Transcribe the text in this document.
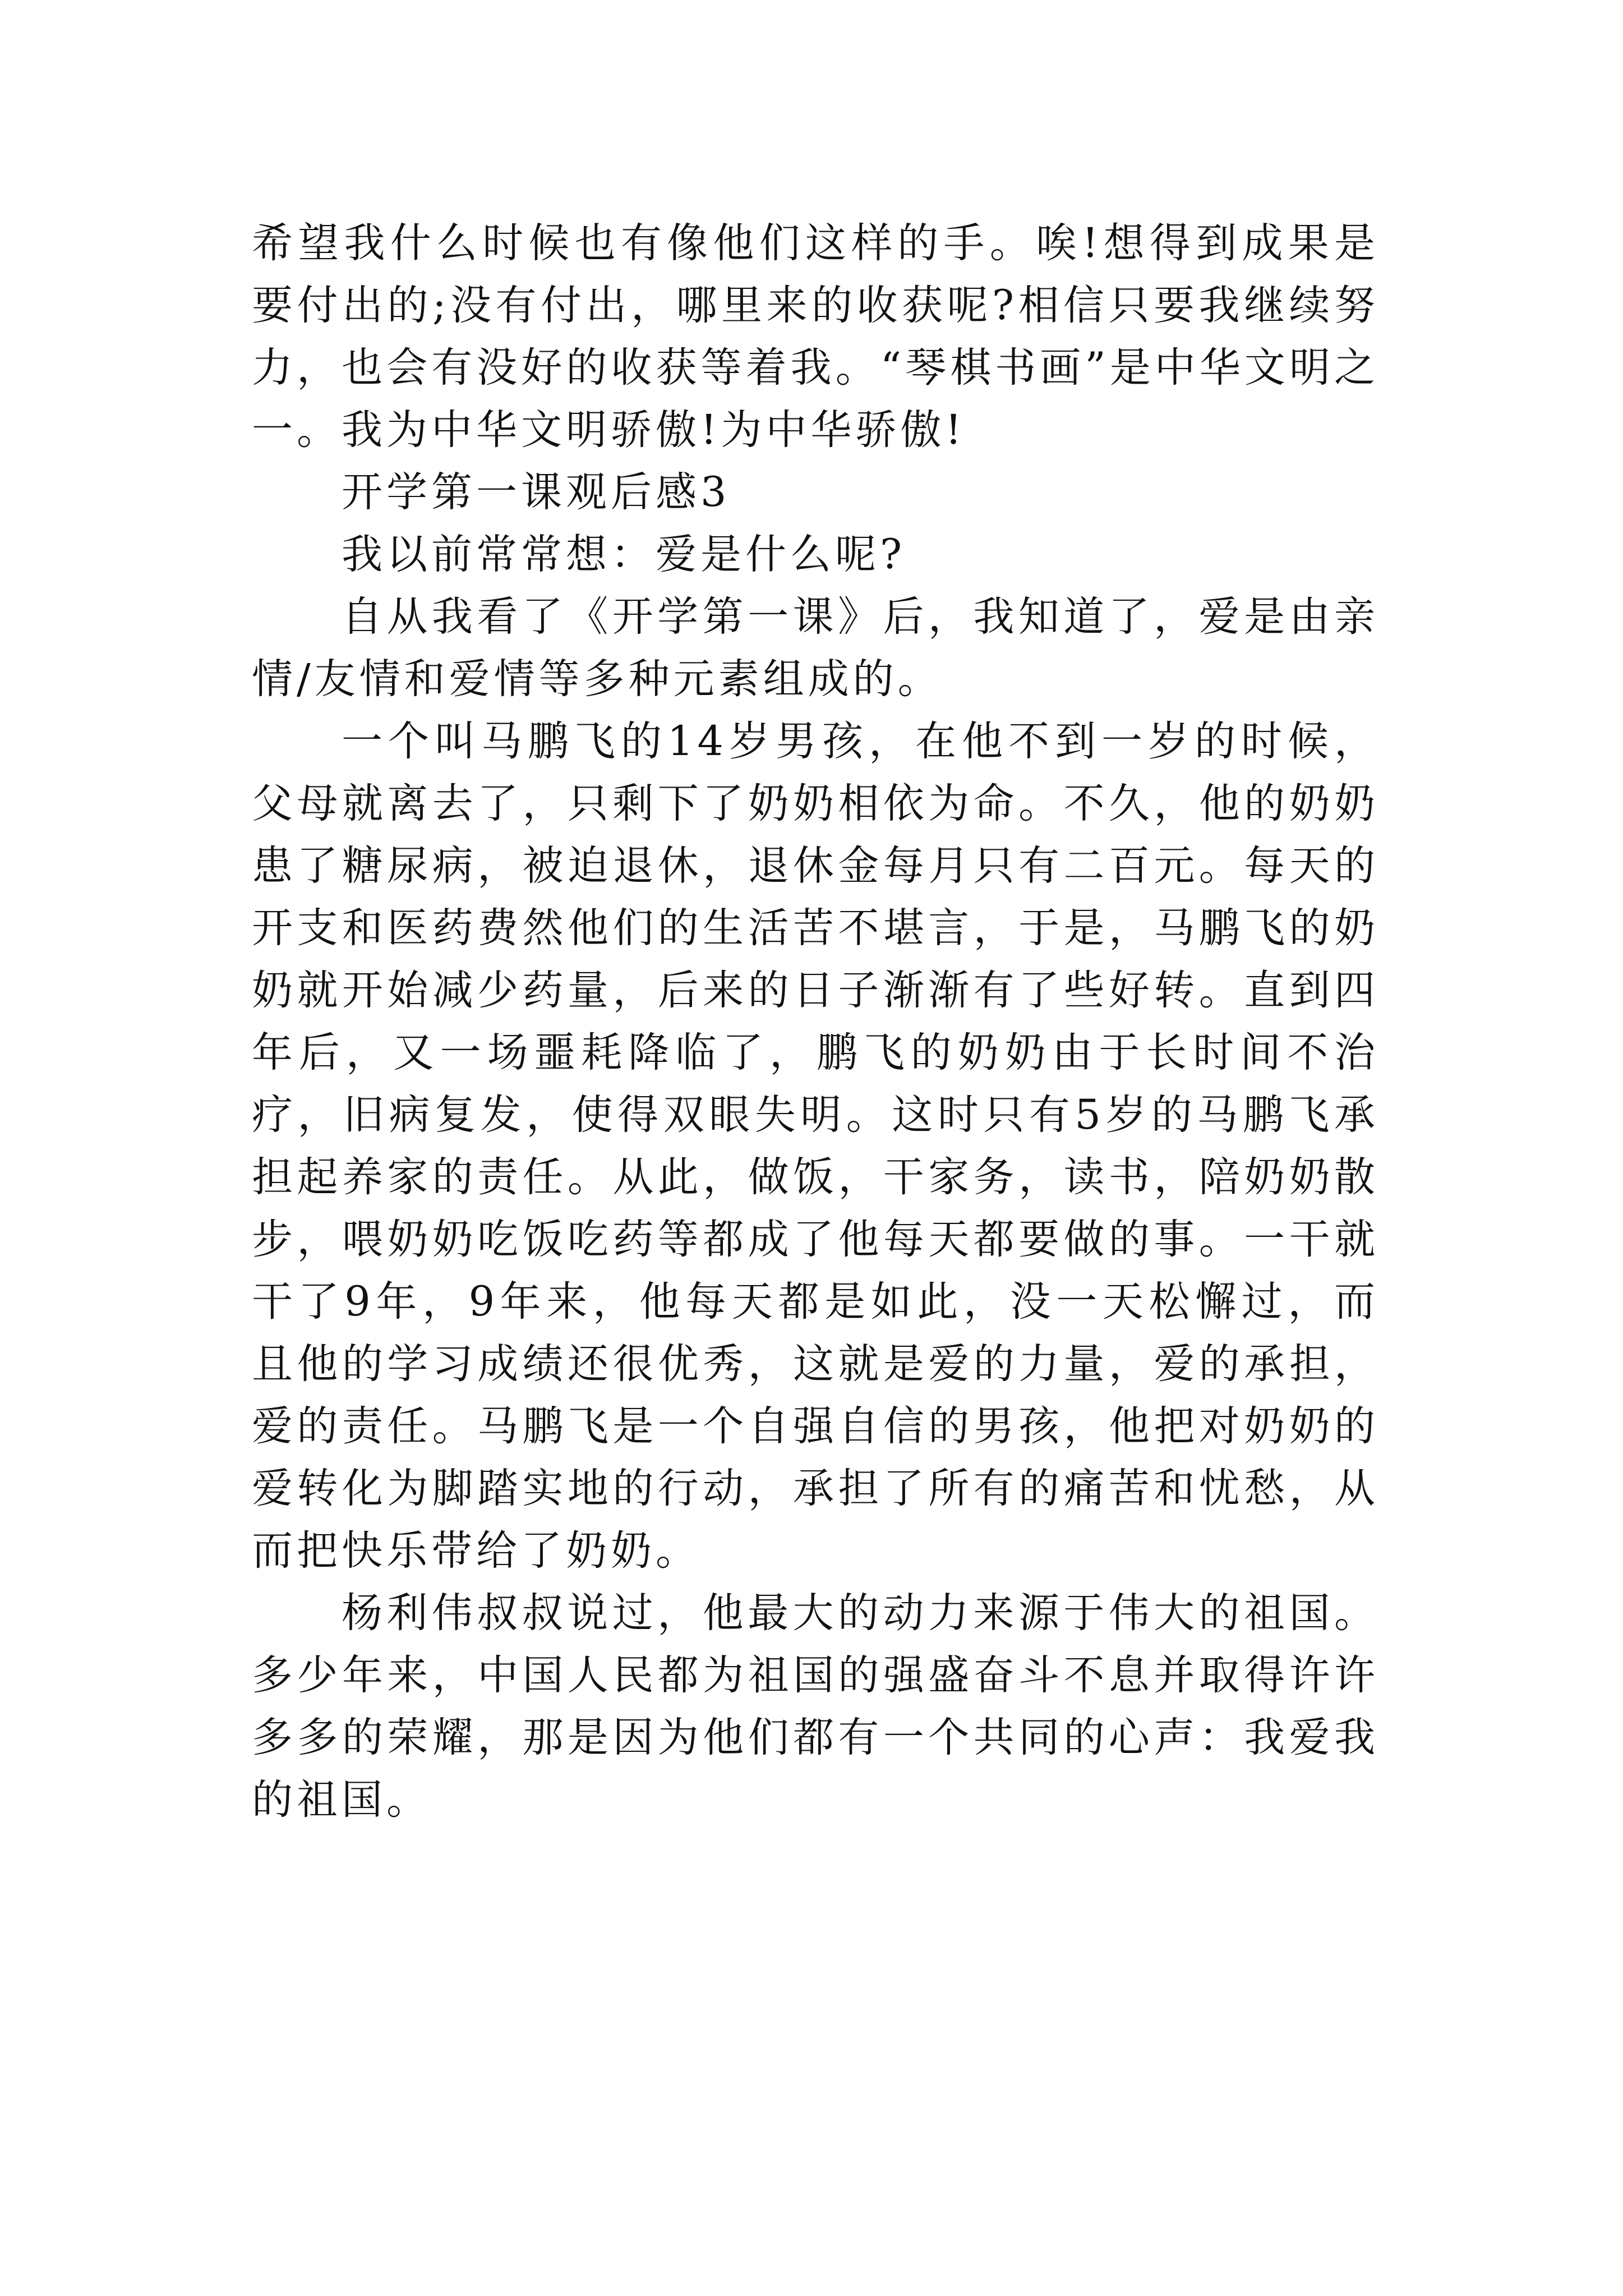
希望我什么时候也有像他们这样的手。唉!想得到成果是要付出的;没有付出，哪里来的收获呢?相信只要我继续努力，也会有没好的收获等着我。“琴棋书画”是中华文明之一。我为中华文明骄傲!为中华骄傲!

开学第一课观后感3

我以前常常想：爱是什么呢?

自从我看了《开学第一课》后，我知道了，爱是由亲情/友情和爱情等多种元素组成的。

一个叫马鹏飞的14岁男孩，在他不到一岁的时候，父母就离去了，只剩下了奶奶相依为命。不久，他的奶奶患了糖尿病，被迫退休，退休金每月只有二百元。每天的开支和医药费然他们的生活苦不堪言，于是，马鹏飞的奶奶就开始减少药量，后来的日子渐渐有了些好转。直到四年后，又一场噩耗降临了，鹏飞的奶奶由于长时间不治疗，旧病复发，使得双眼失明。这时只有5岁的马鹏飞承担起养家的责任。从此，做饭，干家务，读书，陪奶奶散步，喂奶奶吃饭吃药等都成了他每天都要做的事。一干就干了9年，9年来，他每天都是如此，没一天松懈过，而且他的学习成绩还很优秀，这就是爱的力量，爱的承担，爱的责任。马鹏飞是一个自强自信的男孩，他把对奶奶的爱转化为脚踏实地的行动，承担了所有的痛苦和忧愁，从而把快乐带给了奶奶。

杨利伟叔叔说过，他最大的动力来源于伟大的祖国。多少年来，中国人民都为祖国的强盛奋斗不息并取得许许多多的荣耀，那是因为他们都有一个共同的心声：我爱我的祖国。
